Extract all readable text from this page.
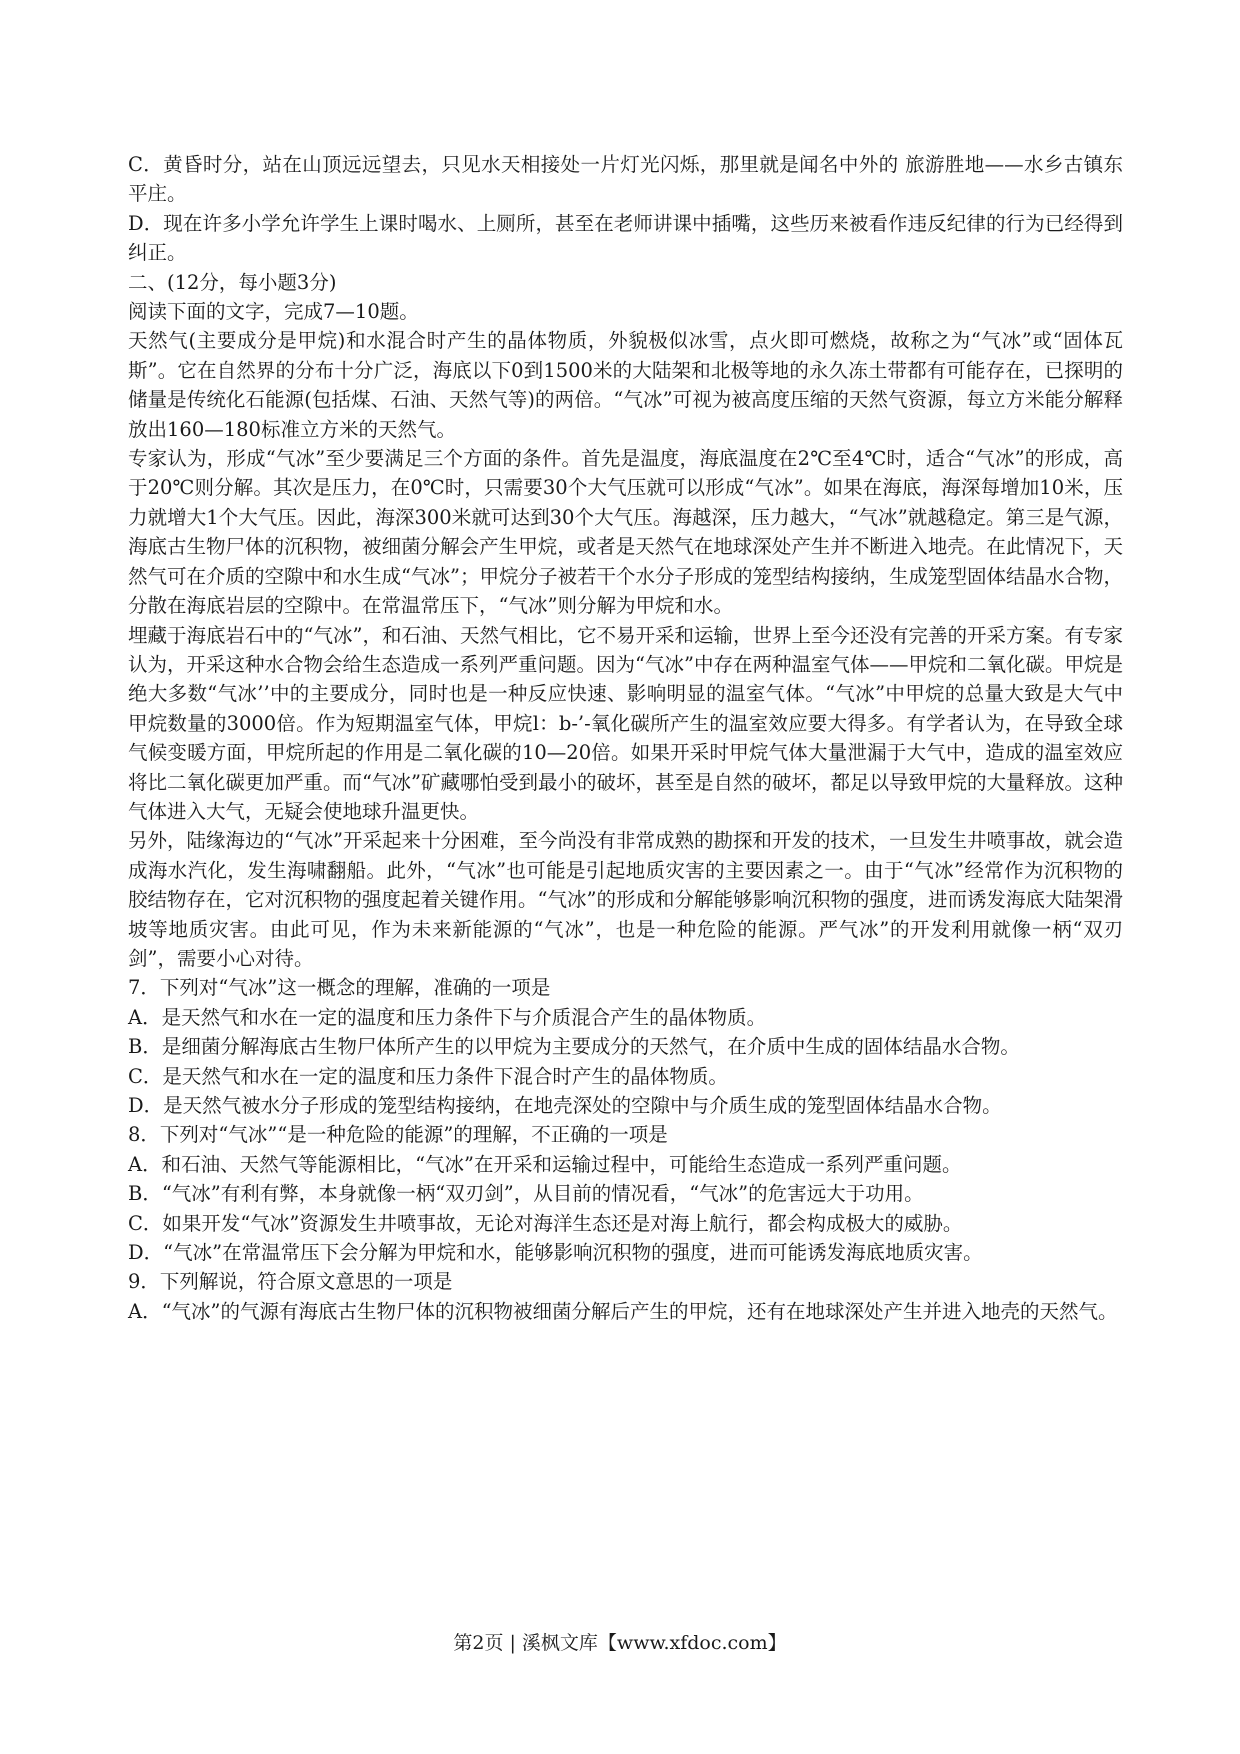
C．黄昏时分，站在山顶远远望去，只见水天相接处一片灯光闪烁，那里就是闻名中外的 旅游胜地——水乡古镇东平庄。

D．现在许多小学允许学生上课时喝水、上厕所，甚至在老师讲课中插嘴，这些历来被看作违反纪律的行为已经得到纠正。

二、(12分，每小题3分)

阅读下面的文字，完成7—10题。

天然气(主要成分是甲烷)和水混合时产生的晶体物质，外貌极似冰雪，点火即可燃烧，故称之为“气冰”或“固体瓦斯”。它在自然界的分布十分广泛，海底以下0到1500米的大陆架和北极等地的永久冻土带都有可能存在，已探明的储量是传统化石能源(包括煤、石油、天然气等)的两倍。“气冰”可视为被高度压缩的天然气资源，每立方米能分解释放出160—180标准立方米的天然气。

专家认为，形成“气冰”至少要满足三个方面的条件。首先是温度，海底温度在2℃至4℃时，适合“气冰”的形成，高于20℃则分解。其次是压力，在0℃时，只需要30个大气压就可以形成“气冰”。如果在海底，海深每增加10米，压力就增大1个大气压。因此，海深300米就可达到30个大气压。海越深，压力越大，“气冰”就越稳定。第三是气源，海底古生物尸体的沉积物，被细菌分解会产生甲烷，或者是天然气在地球深处产生并不断进入地壳。在此情况下，天然气可在介质的空隙中和水生成“气冰”；甲烷分子被若干个水分子形成的笼型结构接纳，生成笼型固体结晶水合物，分散在海底岩层的空隙中。在常温常压下，“气冰”则分解为甲烷和水。

埋藏于海底岩石中的“气冰”，和石油、天然气相比，它不易开采和运输，世界上至今还没有完善的开采方案。有专家认为，开采这种水合物会给生态造成一系列严重问题。因为“气冰”中存在两种温室气体——甲烷和二氧化碳。甲烷是绝大多数“气冰’’中的主要成分，同时也是一种反应快速、影响明显的温室气体。“气冰”中甲烷的总量大致是大气中甲烷数量的3000倍。作为短期温室气体，甲烷l：b-’-氧化碳所产生的温室效应要大得多。有学者认为，在导致全球气候变暖方面，甲烷所起的作用是二氧化碳的10—20倍。如果开采时甲烷气体大量泄漏于大气中，造成的温室效应将比二氧化碳更加严重。而“气冰”矿藏哪怕受到最小的破坏，甚至是自然的破坏，都足以导致甲烷的大量释放。这种气体进入大气，无疑会使地球升温更快。

另外，陆缘海边的“气冰”开采起来十分困难，至今尚没有非常成熟的勘探和开发的技术，一旦发生井喷事故，就会造成海水汽化，发生海啸翻船。此外，“气冰”也可能是引起地质灾害的主要因素之一。由于“气冰”经常作为沉积物的胶结物存在，它对沉积物的强度起着关键作用。“气冰”的形成和分解能够影响沉积物的强度，进而诱发海底大陆架滑坡等地质灾害。由此可见，作为未来新能源的“气冰”，也是一种危险的能源。严气冰”的开发利用就像一柄“双刃剑”，需要小心对待。

7．下列对“气冰”这一概念的理解，准确的一项是

A．是天然气和水在一定的温度和压力条件下与介质混合产生的晶体物质。

B．是细菌分解海底古生物尸体所产生的以甲烷为主要成分的天然气，在介质中生成的固体结晶水合物。

C．是天然气和水在一定的温度和压力条件下混合时产生的晶体物质。

D．是天然气被水分子形成的笼型结构接纳，在地壳深处的空隙中与介质生成的笼型固体结晶水合物。

8．下列对“气冰”“是一种危险的能源”的理解，不正确的一项是

A．和石油、天然气等能源相比，“气冰”在开采和运输过程中，可能给生态造成一系列严重问题。

B．“气冰”有利有弊，本身就像一柄“双刃剑”，从目前的情况看，“气冰”的危害远大于功用。

C．如果开发“气冰”资源发生井喷事故，无论对海洋生态还是对海上航行，都会构成极大的威胁。

D．“气冰”在常温常压下会分解为甲烷和水，能够影响沉积物的强度，进而可能诱发海底地质灾害。

9．下列解说，符合原文意思的一项是

A．“气冰”的气源有海底古生物尸体的沉积物被细菌分解后产生的甲烷，还有在地球深处产生并进入地壳的天然气。

第2页 | 溪枫文库【www.xfdoc.com】
